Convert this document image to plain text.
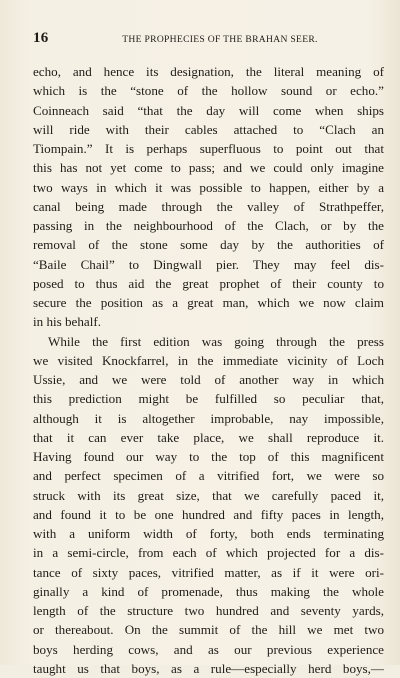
16	THE PROPHECIES OF THE BRAHAN SEER.
echo, and hence its designation, the literal meaning of
which is the “stone of the hollow sound or echo.”
Coinneach said “that the day will come when ships
will ride with their cables attached to “Clach an
Tiompain.” It is perhaps superfluous to point out that
this has not yet come to pass; and we could only imagine
two ways in which it was possible to happen, either by a
canal being made through the valley of Strathpeffer,
passing in the neighbourhood of the Clach, or by the
removal of the stone some day by the authorities of
“Baile Chail” to Dingwall pier. They may feel dis-
posed to thus aid the great prophet of their county to
secure the position as a great man, which we now claim
in his behalf.
While the first edition was going through the press
we visited Knockfarrel, in the immediate vicinity of Loch
Ussie, and we were told of another way in which
this prediction might be fulfilled so peculiar that,
although it is altogether improbable, nay impossible,
that it can ever take place, we shall reproduce it.
Having found our way to the top of this magnificent
and perfect specimen of a vitrified fort, we were so
struck with its great size, that we carefully paced it,
and found it to be one hundred and fifty paces in length,
with a uniform width of forty, both ends terminating
in a semi-circle, from each of which projected for a dis-
tance of sixty paces, vitrified matter, as if it were ori-
ginally a kind of promenade, thus making the whole
length of the structure two hundred and seventy yards,
or thereabout. On the summit of the hill we met two
boys herding cows, and as our previous experience
taught us that boys, as a rule—especially herd boys,—
